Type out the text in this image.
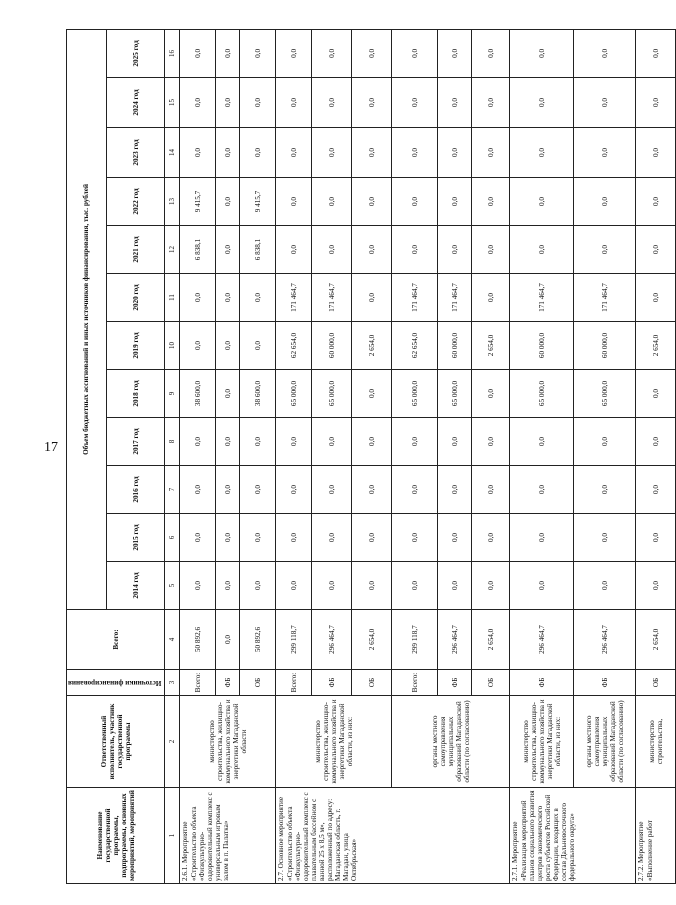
17
Наименование государственной программы, подпрограммы, основных мероприятий, мероприятий	Ответственный исполнитель, участник государственной программы	Источники финансирования	Всего:	Объем бюджетных ассигнований и иных источников финансирования, тыс. рублей											
				2014 год	2015 год	2016 год	2017 год	2018 год	2019 год	2020 год	2021 год	2022 год	2023 год	2024 год	2025 год
1	2	3	4	5	6	7	8	9	10	11	12	13	14	15	16
2.6.1. Мероприятие «Строительство объекта «Физкультурно-оздоровительный комплекс с универсальным игровым залом в п. Палатка»	министерство строительства, жилищно-коммунального хозяйства и энергетики Магаданской области	Всего:	50 892,6	0,0	0,0	0,0	0,0	38 600,0	0,0	0,0	6 838,1	9 415,7	0,0	0,0	0,0
		ФБ	0,0	0,0	0,0	0,0	0,0	0,0	0,0	0,0	0,0	0,0	0,0	0,0	0,0
		ОБ	50 892,6	0,0	0,0	0,0	0,0	38 600,0	0,0	0,0	6 838,1	9 415,7	0,0	0,0	0,0
2.7. Основное мероприятие «Строительство объекта «Физкультурно-оздоровительный комплекс с плавательным бассейном с ванной 25 х 8,5 м», расположенный по адресу: Магаданская область, г. Магадан, улица Октябрьская»	министерство строительства, жилищно-коммунального хозяйства и энергетики Магаданской области, из них:	Всего:	299 118,7	0,0	0,0	0,0	0,0	65 000,0	62 654,0	171 464,7	0,0	0,0	0,0	0,0	0,0
		ФБ	296 464,7	0,0	0,0	0,0	0,0	65 000,0	60 000,0	171 464,7	0,0	0,0	0,0	0,0	0,0
		ОБ	2 654,0	0,0	0,0	0,0	0,0	0,0	2 654,0	0,0	0,0	0,0	0,0	0,0	0,0
	органы местного самоуправления муниципальных образований Магаданской области (по согласованию)	Всего:	299 118,7	0,0	0,0	0,0	0,0	65 000,0	62 654,0	171 464,7	0,0	0,0	0,0	0,0	0,0
		ФБ	296 464,7	0,0	0,0	0,0	0,0	65 000,0	60 000,0	171 464,7	0,0	0,0	0,0	0,0	0,0
		ОБ	2 654,0	0,0	0,0	0,0	0,0	0,0	2 654,0	0,0	0,0	0,0	0,0	0,0	0,0
2.7.1. Мероприятие «Реализация мероприятий планов социального развития центров экономического роста субъектов Российской Федерации, входящих в состав Дальневосточного федерального округа»	министерство строительства, жилищно-коммунального хозяйства и энергетики Магаданской области, из них:	ФБ	296 464,7	0,0	0,0	0,0	0,0	65 000,0	60 000,0	171 464,7	0,0	0,0	0,0	0,0	0,0
	органы местного самоуправления муниципальных образований Магаданской области (по согласованию)	ФБ	296 464,7	0,0	0,0	0,0	0,0	65 000,0	60 000,0	171 464,7	0,0	0,0	0,0	0,0	0,0
2.7.2. Мероприятие «Выполнение работ	министерство строительства,	ОБ	2 654,0	0,0	0,0	0,0	0,0	0,0	2 654,0	0,0	0,0	0,0	0,0	0,0	0,0
